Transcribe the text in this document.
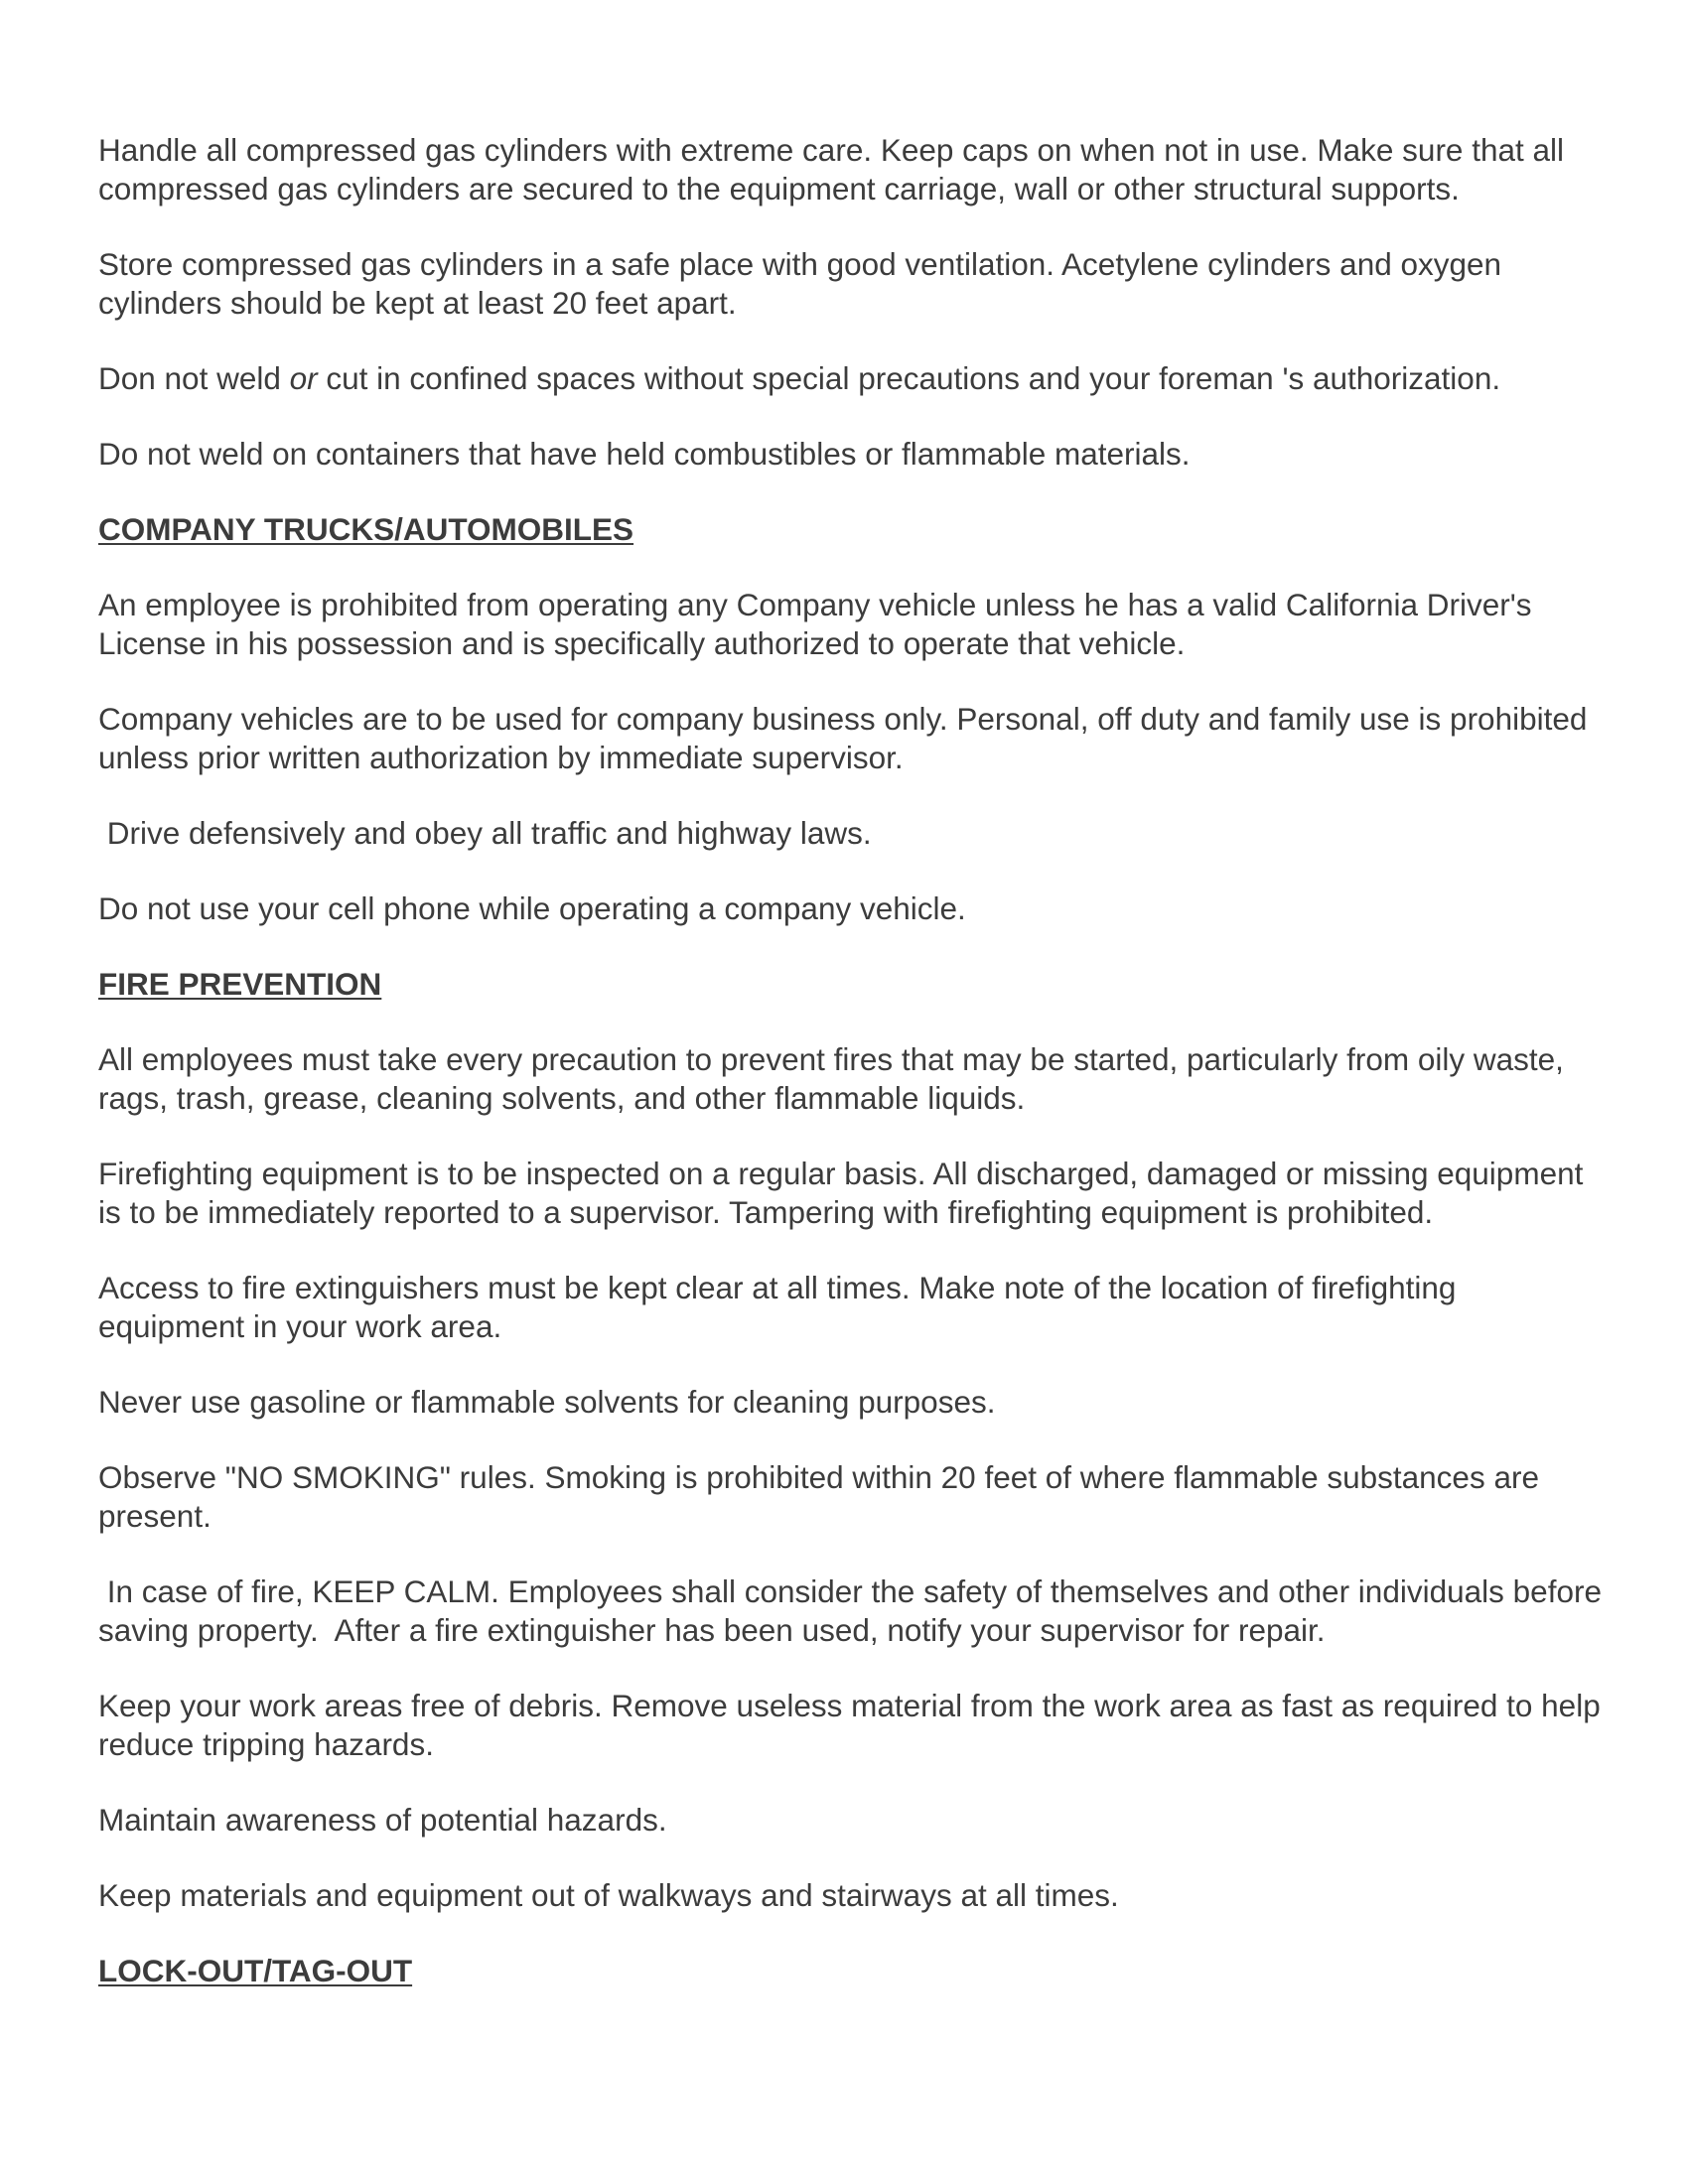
Handle all compressed gas cylinders with extreme care. Keep caps on when not in use. Make sure that all compressed gas cylinders are secured to the equipment carriage, wall or other structural supports.

Store compressed gas cylinders in a safe place with good ventilation. Acetylene cylinders and oxygen cylinders should be kept at least 20 feet apart.

Don not weld or cut in confined spaces without special precautions and your foreman 's authorization.

Do not weld on containers that have held combustibles or flammable materials.

COMPANY TRUCKS/AUTOMOBILES

An employee is prohibited from operating any Company vehicle unless he has a valid California Driver's License in his possession and is specifically authorized to operate that vehicle.

Company vehicles are to be used for company business only. Personal, off duty and family use is prohibited unless prior written authorization by immediate supervisor.

Drive defensively and obey all traffic and highway laws.

Do not use your cell phone while operating a company vehicle.

FIRE PREVENTION

All employees must take every precaution to prevent fires that may be started, particularly from oily waste, rags, trash, grease, cleaning solvents, and other flammable liquids.

Firefighting equipment is to be inspected on a regular basis. All discharged, damaged or missing equipment is to be immediately reported to a supervisor. Tampering with firefighting equipment is prohibited.

Access to fire extinguishers must be kept clear at all times. Make note of the location of firefighting equipment in your work area.

Never use gasoline or flammable solvents for cleaning purposes.

Observe "NO SMOKING" rules. Smoking is prohibited within 20 feet of where flammable substances are present.

In case of fire, KEEP CALM. Employees shall consider the safety of themselves and other individuals before saving property.  After a fire extinguisher has been used, notify your supervisor for repair.

Keep your work areas free of debris. Remove useless material from the work area as fast as required to help reduce tripping hazards.

Maintain awareness of potential hazards.

Keep materials and equipment out of walkways and stairways at all times.

LOCK-OUT/TAG-OUT
